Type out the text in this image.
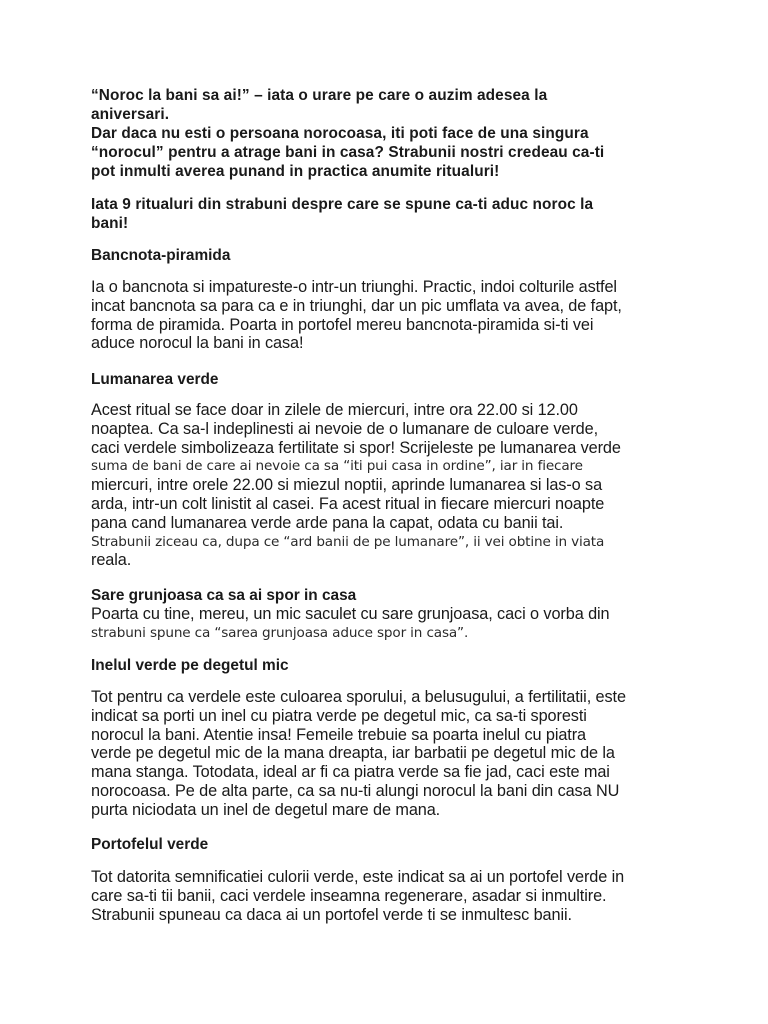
“Noroc la bani sa ai!” – iata o urare pe care o auzim adesea la
aniversari.
Dar daca nu esti o persoana norocoasa, iti poti face de una singura
“norocul” pentru a atrage bani in casa? Strabunii nostri credeau ca-ti
pot inmulti averea punand in practica anumite ritualuri!
Iata 9 ritualuri din strabuni despre care se spune ca-ti aduc noroc la
bani!
Bancnota-piramida
Ia o bancnota si impatureste-o intr-un triunghi. Practic, indoi colturile astfel
incat bancnota sa para ca e in triunghi, dar un pic umflata va avea, de fapt,
forma de piramida. Poarta in portofel mereu bancnota-piramida si-ti vei
aduce norocul la bani in casa!
Lumanarea verde
Acest ritual se face doar in zilele de miercuri, intre ora 22.00 si 12.00
noaptea. Ca sa-l indeplinesti ai nevoie de o lumanare de culoare verde,
caci verdele simbolizeaza fertilitate si spor! Scrijeleste pe lumanarea verde
suma de bani de care ai nevoie ca sa “iti pui casa in ordine”, iar in fiecare
miercuri, intre orele 22.00 si miezul noptii, aprinde lumanarea si las-o sa
arda, intr-un colt linistit al casei. Fa acest ritual in fiecare miercuri noapte
pana cand lumanarea verde arde pana la capat, odata cu banii tai.
Strabunii ziceau ca, dupa ce “ard banii de pe lumanare”, ii vei obtine in viata
reala.
Sare grunjoasa ca sa ai spor in casa
Poarta cu tine, mereu, un mic saculet cu sare grunjoasa, caci o vorba din
strabuni spune ca “sarea grunjoasa aduce spor in casa”.
Inelul verde pe degetul mic
Tot pentru ca verdele este culoarea sporului, a belusugului, a fertilitatii, este
indicat sa porti un inel cu piatra verde pe degetul mic, ca sa-ti sporesti
norocul la bani. Atentie insa! Femeile trebuie sa poarta inelul cu piatra
verde pe degetul mic de la mana dreapta, iar barbatii pe degetul mic de la
mana stanga. Totodata, ideal ar fi ca piatra verde sa fie jad, caci este mai
norocoasa. Pe de alta parte, ca sa nu-ti alungi norocul la bani din casa NU
purta niciodata un inel de degetul mare de mana.
Portofelul verde
Tot datorita semnificatiei culorii verde, este indicat sa ai un portofel verde in
care sa-ti tii banii, caci verdele inseamna regenerare, asadar si inmultire.
Strabunii spuneau ca daca ai un portofel verde ti se inmultesc banii.
